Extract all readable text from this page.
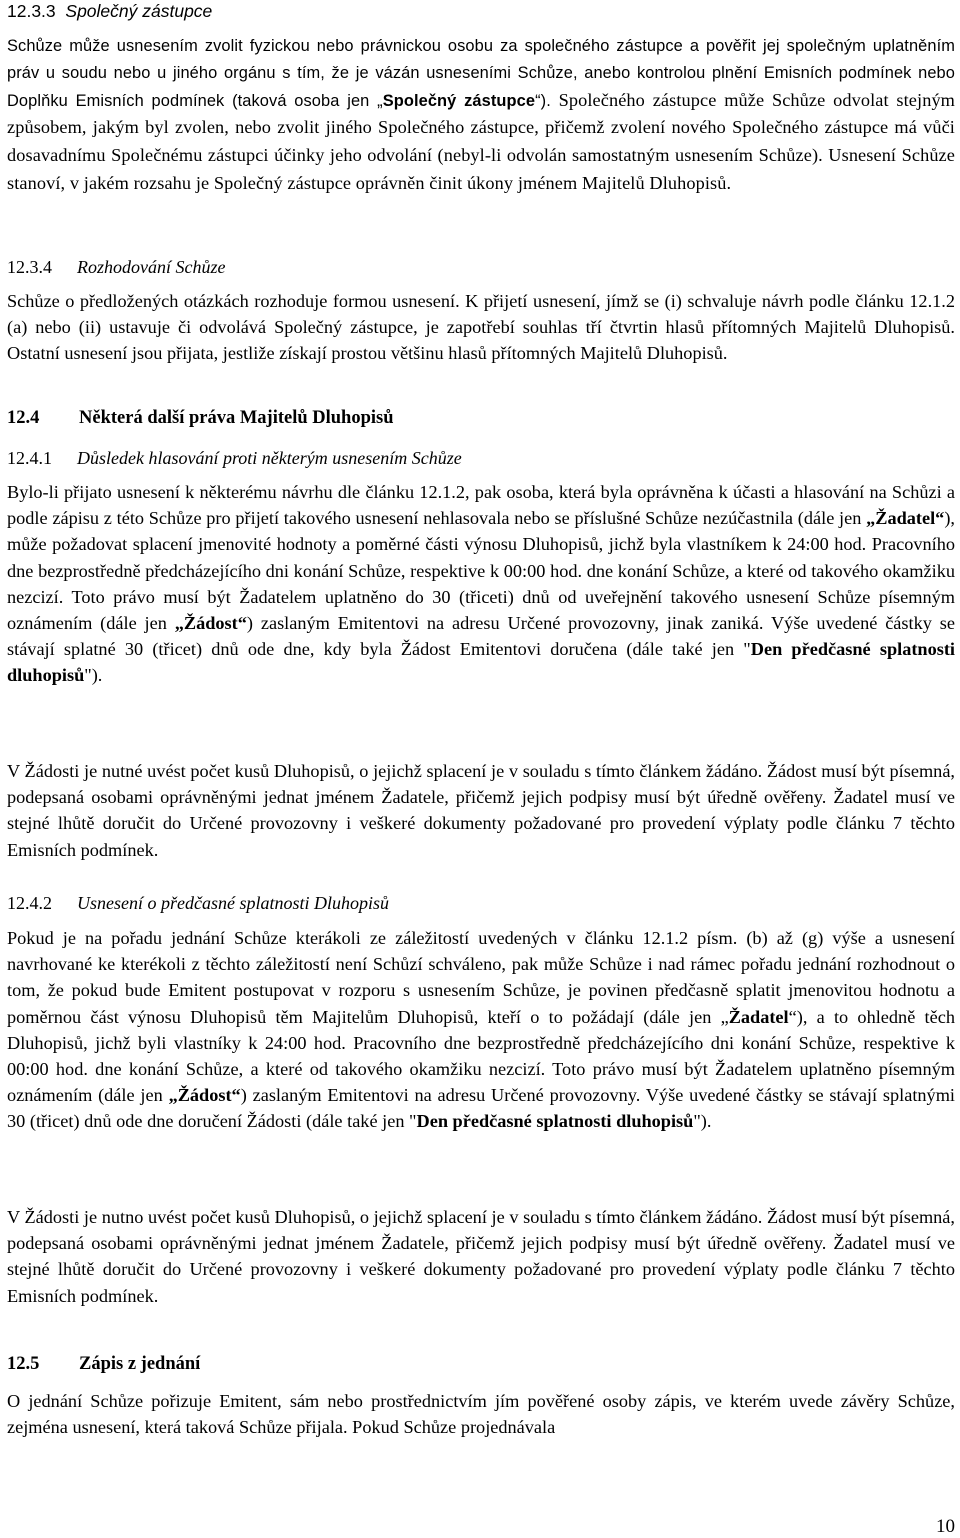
12.3.3 Společný zástupce

Schůze může usnesením zvolit fyzickou nebo právnickou osobu za společného zástupce a pověřit jej společným uplatněním práv u soudu nebo u jiného orgánu s tím, že je vázán usneseními Schůze, anebo kontrolou plnění Emisních podmínek nebo Doplňku Emisních podmínek (taková osoba jen „Společný zástupce“). Společného zástupce může Schůze odvolat stejným způsobem, jakým byl zvolen, nebo zvolit jiného Společného zástupce, přičemž zvolení nového Společného zástupce má vůči dosavadnímu Společnému zástupci účinky jeho odvolání (nebyl-li odvolán samostatným usnesením Schůze). Usnesení Schůze stanoví, v jakém rozsahu je Společný zástupce oprávněn činit úkony jménem Majitelů Dluhopisů.

12.3.4 Rozhodování Schůze

Schůze o předložených otázkách rozhoduje formou usnesení. K přijetí usnesení, jímž se (i) schvaluje návrh podle článku 12.1.2 (a) nebo (ii) ustavuje či odvolává Společný zástupce, je zapotřebí souhlas tří čtvrtin hlasů přítomných Majitelů Dluhopisů. Ostatní usnesení jsou přijata, jestliže získají prostou většinu hlasů přítomných Majitelů Dluhopisů.

12.4 Některá další práva Majitelů Dluhopisů

12.4.1 Důsledek hlasování proti některým usnesením Schůze

Bylo-li přijato usnesení k některému návrhu dle článku 12.1.2, pak osoba, která byla oprávněna k účasti a hlasování na Schůzi a podle zápisu z této Schůze pro přijetí takového usnesení nehlasovala nebo se příslušné Schůze nezúčastnila (dále jen „Žadatel“), může požadovat splacení jmenovité hodnoty a poměrné části výnosu Dluhopisů, jichž byla vlastníkem k 24:00 hod. Pracovního dne bezprostředně předcházejícího dni konání Schůze, respektive k 00:00 hod. dne konání Schůze, a které od takového okamžiku nezcizí. Toto právo musí být Žadatelem uplatněno do 30 (třiceti) dnů od uveřejnění takového usnesení Schůze písemným oznámením (dále jen „Žádost“) zaslaným Emitentovi na adresu Určené provozovny, jinak zaniká. Výše uvedené částky se stávají splatné 30 (třicet) dnů ode dne, kdy byla Žádost Emitentovi doručena (dále také jen "Den předčasné splatnosti dluhopisů").

V Žádosti je nutné uvést počet kusů Dluhopisů, o jejichž splacení je v souladu s tímto článkem žádáno. Žádost musí být písemná, podepsaná osobami oprávněnými jednat jménem Žadatele, přičemž jejich podpisy musí být úředně ověřeny. Žadatel musí ve stejné lhůtě doručit do Určené provozovny i veškeré dokumenty požadované pro provedení výplaty podle článku 7 těchto Emisních podmínek.

12.4.2 Usnesení o předčasné splatnosti Dluhopisů

Pokud je na pořadu jednání Schůze kterákoli ze záležitostí uvedených v článku 12.1.2 písm. (b) až (g) výše a usnesení navrhované ke kterékoli z těchto záležitostí není Schůzí schváleno, pak může Schůze i nad rámec pořadu jednání rozhodnout o tom, že pokud bude Emitent postupovat v rozporu s usnesením Schůze, je povinen předčasně splatit jmenovitou hodnotu a poměrnou část výnosu Dluhopisů těm Majitelům Dluhopisů, kteří o to požádají (dále jen „Žadatel“), a to ohledně těch Dluhopisů, jichž byli vlastníky k 24:00 hod. Pracovního dne bezprostředně předcházejícího dni konání Schůze, respektive k 00:00 hod. dne konání Schůze, a které od takového okamžiku nezcizí. Toto právo musí být Žadatelem uplatněno písemným oznámením (dále jen „Žádost“) zaslaným Emitentovi na adresu Určené provozovny. Výše uvedené částky se stávají splatnými 30 (třicet) dnů ode dne doručení Žádosti (dále také jen "Den předčasné splatnosti dluhopisů").

V Žádosti je nutno uvést počet kusů Dluhopisů, o jejichž splacení je v souladu s tímto článkem žádáno. Žádost musí být písemná, podepsaná osobami oprávněnými jednat jménem Žadatele, přičemž jejich podpisy musí být úředně ověřeny. Žadatel musí ve stejné lhůtě doručit do Určené provozovny i veškeré dokumenty požadované pro provedení výplaty podle článku 7 těchto Emisních podmínek.

12.5 Zápis z jednání

O jednání Schůze pořizuje Emitent, sám nebo prostřednictvím jím pověřené osoby zápis, ve kterém uvede závěry Schůze, zejména usnesení, která taková Schůze přijala. Pokud Schůze projednávala

10
